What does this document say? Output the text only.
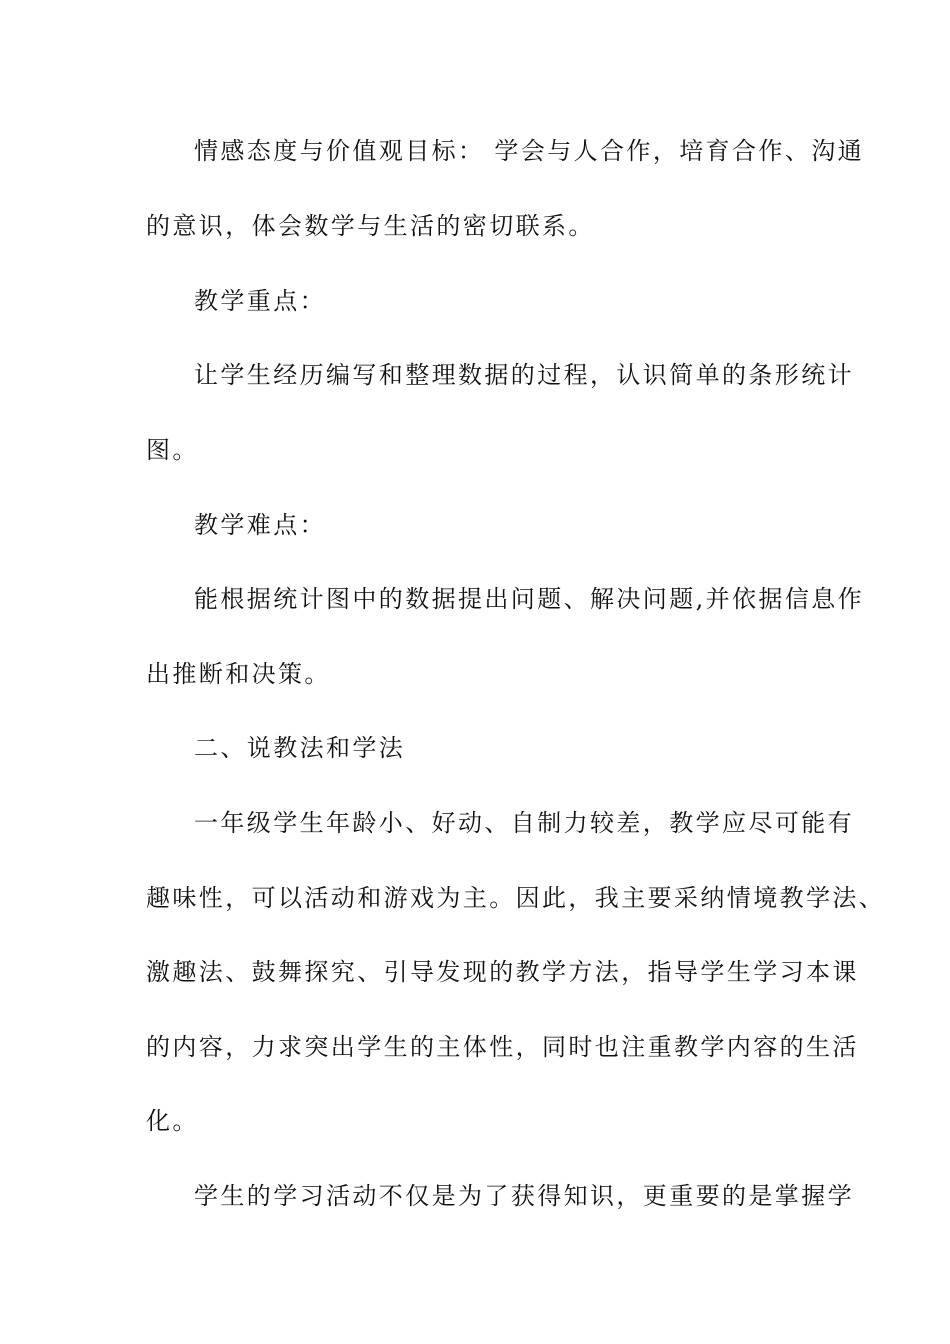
情感态度与价值观目标： 学会与人合作，培育合作、沟通
的意识，体会数学与生活的密切联系。
教学重点：
让学生经历编写和整理数据的过程，认识简单的条形统计
图。
教学难点：
能根据统计图中的数据提出问题、解决问题,并依据信息作
出推断和决策。
二、说教法和学法
一年级学生年龄小、好动、自制力较差，教学应尽可能有
趣味性，可以活动和游戏为主。因此，我主要采纳情境教学法、
激趣法、鼓舞探究、引导发现的教学方法，指导学生学习本课
的内容，力求突出学生的主体性，同时也注重教学内容的生活
化。
学生的学习活动不仅是为了获得知识，更重要的是掌握学
